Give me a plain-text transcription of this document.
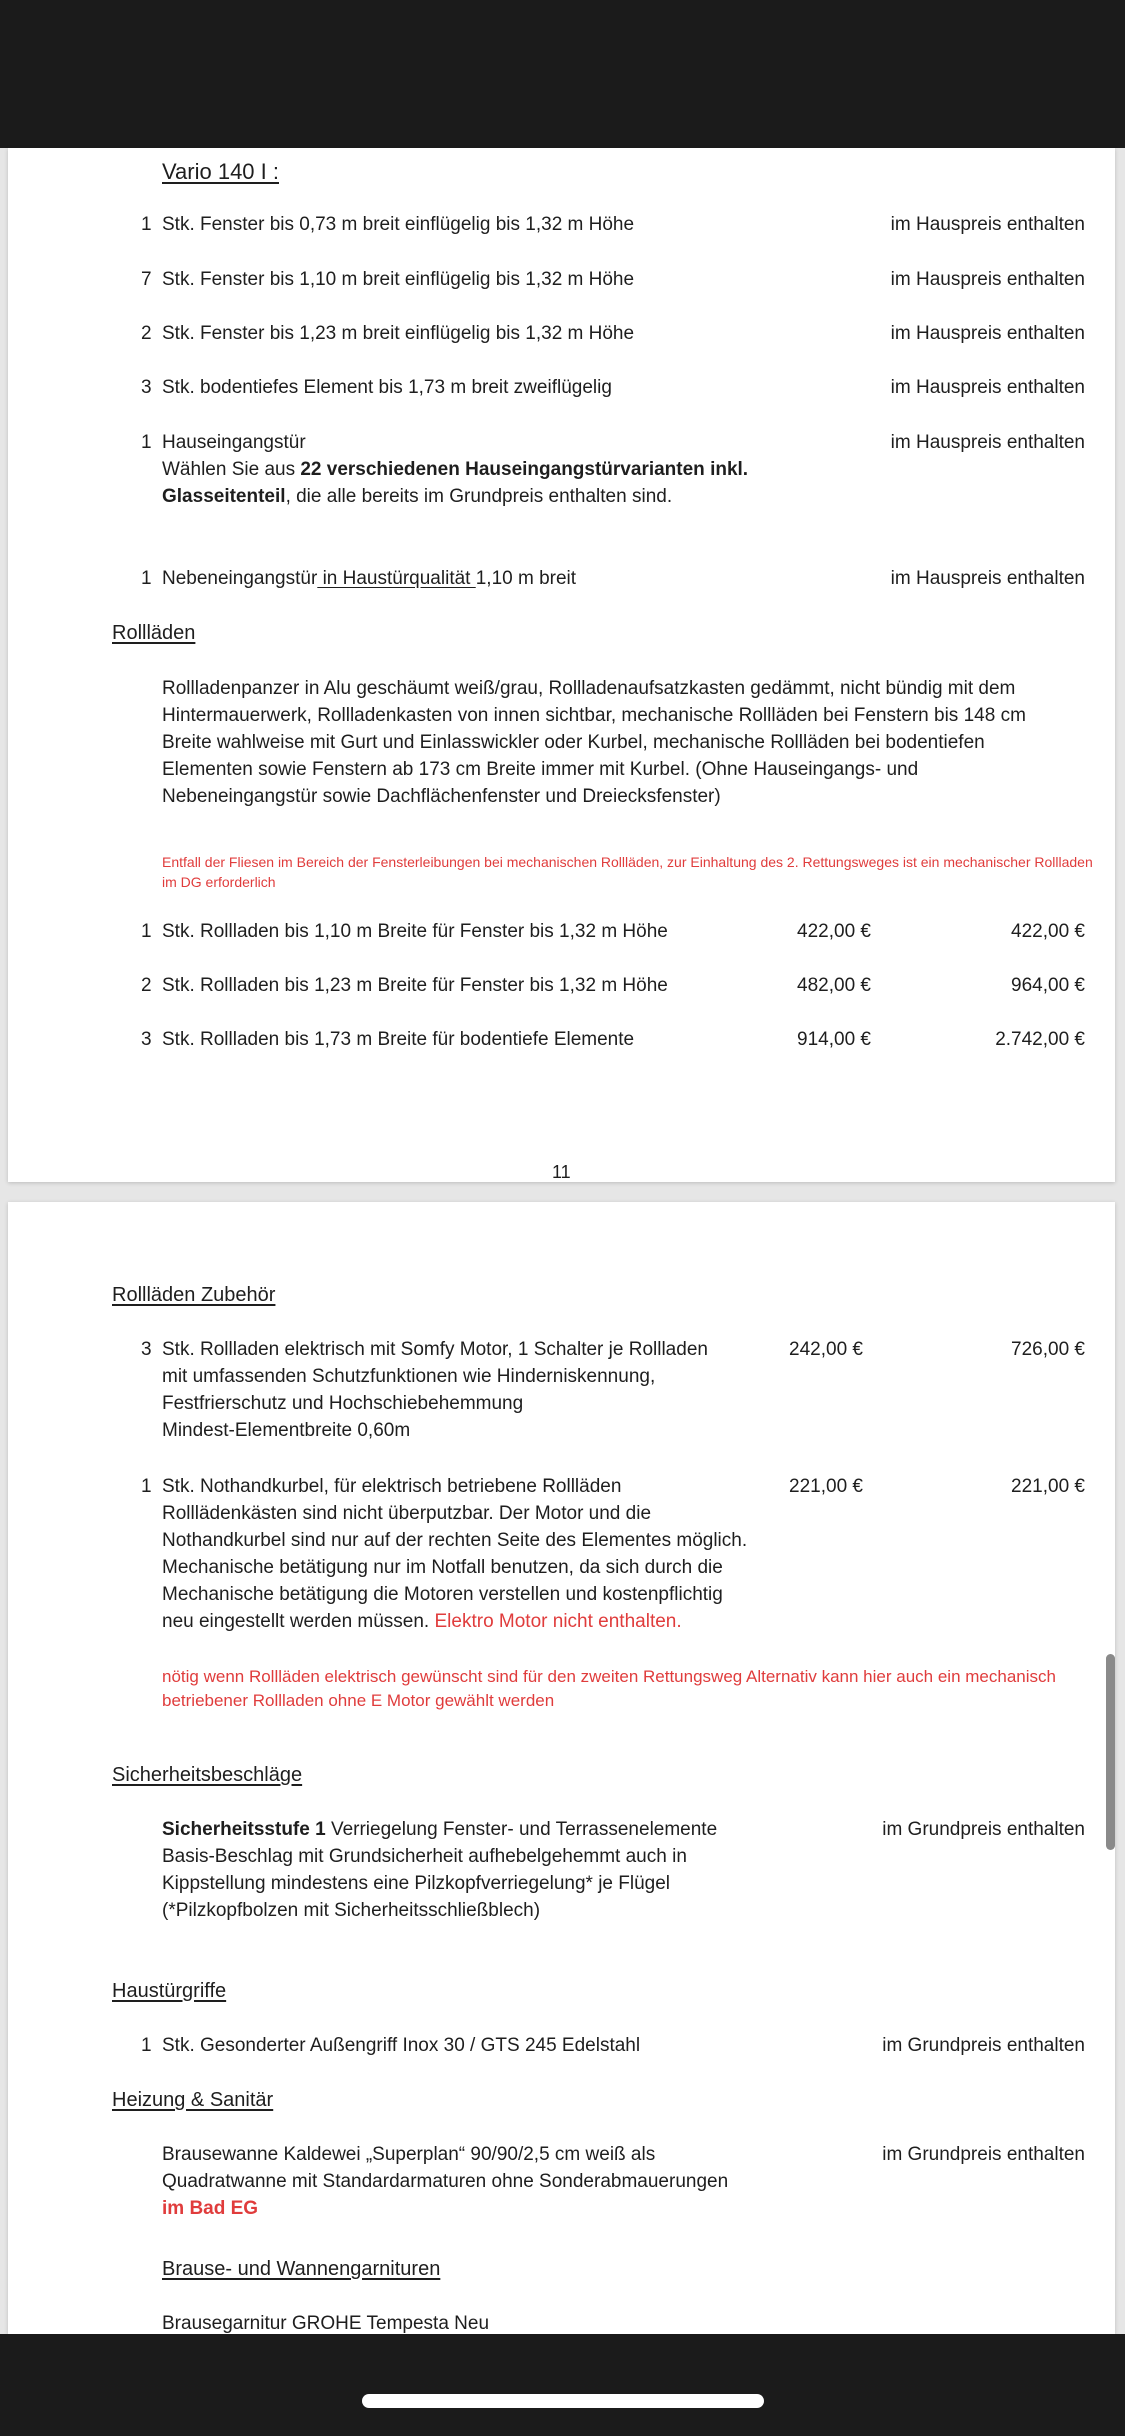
Vario 140 I :
1 Stk. Fenster bis 0,73 m breit einflügelig bis 1,32 m Höhe	im Hauspreis enthalten
7 Stk. Fenster bis 1,10 m breit einflügelig bis 1,32 m Höhe	im Hauspreis enthalten
2 Stk. Fenster bis 1,23 m breit einflügelig bis 1,32 m Höhe	im Hauspreis enthalten
3 Stk. bodentiefes Element bis 1,73 m breit zweiflügelig	im Hauspreis enthalten
1 Hauseingangstür	im Hauspreis enthalten
Wählen Sie aus 22 verschiedenen Hauseingangstürvarianten inkl.
Glasseitenteil, die alle bereits im Grundpreis enthalten sind.
1 Nebeneingangstür in Haustürqualität 1,10 m breit	im Hauspreis enthalten
Rollläden
Rollladenpanzer in Alu geschäumt weiß/grau, Rollladenaufsatzkasten gedämmt, nicht bündig mit dem
Hintermauerwerk, Rollladenkasten von innen sichtbar, mechanische Rollläden bei Fenstern bis 148 cm
Breite wahlweise mit Gurt und Einlasswickler oder Kurbel, mechanische Rollläden bei bodentiefen
Elementen sowie Fenstern ab 173 cm Breite immer mit Kurbel. (Ohne Hauseingangs- und
Nebeneingangstür sowie Dachflächenfenster und Dreiecksfenster)
Entfall der Fliesen im Bereich der Fensterleibungen bei mechanischen Rollläden, zur Einhaltung des 2. Rettungsweges ist ein mechanischer Rollladen
im DG erforderlich
1 Stk. Rollladen bis 1,10 m Breite für Fenster bis 1,32 m Höhe	422,00 €	422,00 €
2 Stk. Rollladen bis 1,23 m Breite für Fenster bis 1,32 m Höhe	482,00 €	964,00 €
3 Stk. Rollladen bis 1,73 m Breite für bodentiefe Elemente	914,00 €	2.742,00 €
11
Rollläden Zubehör
3 Stk. Rollladen elektrisch mit Somfy Motor, 1 Schalter je Rollladen
mit umfassenden Schutzfunktionen wie Hinderniskennung,
Festfrierschutz und Hochschiebehemmung
Mindest-Elementbreite 0,60m
242,00 €	726,00 €
1 Stk. Nothandkurbel, für elektrisch betriebene Rollläden
Rolllädenkästen sind nicht überputzbar. Der Motor und die
Nothandkurbel sind nur auf der rechten Seite des Elementes möglich.
Mechanische betätigung nur im Notfall benutzen, da sich durch die
Mechanische betätigung die Motoren verstellen und kostenpflichtig
neu eingestellt werden müssen. Elektro Motor nicht enthalten.
221,00 €	221,00 €
nötig wenn Rollläden elektrisch gewünscht sind für den zweiten Rettungsweg Alternativ kann hier auch ein mechanisch
betriebener Rollladen ohne E Motor gewählt werden
Sicherheitsbeschläge
Sicherheitsstufe 1 Verriegelung Fenster- und Terrassenelemente
Basis-Beschlag mit Grundsicherheit aufhebelgehemmt auch in
Kippstellung mindestens eine Pilzkopfverriegelung* je Flügel
(*Pilzkopfbolzen mit Sicherheitsschließblech)
im Grundpreis enthalten
Haustürgriffe
1 Stk. Gesonderter Außengriff Inox 30 / GTS 245 Edelstahl	im Grundpreis enthalten
Heizung & Sanitär
Brausewanne Kaldewei „Superplan“ 90/90/2,5 cm weiß als
Quadratwanne mit Standardarmaturen ohne Sonderabmauerungen
im Bad EG
im Grundpreis enthalten
Brause- und Wannengarnituren
Brausegarnitur GROHE Tempesta Neu
